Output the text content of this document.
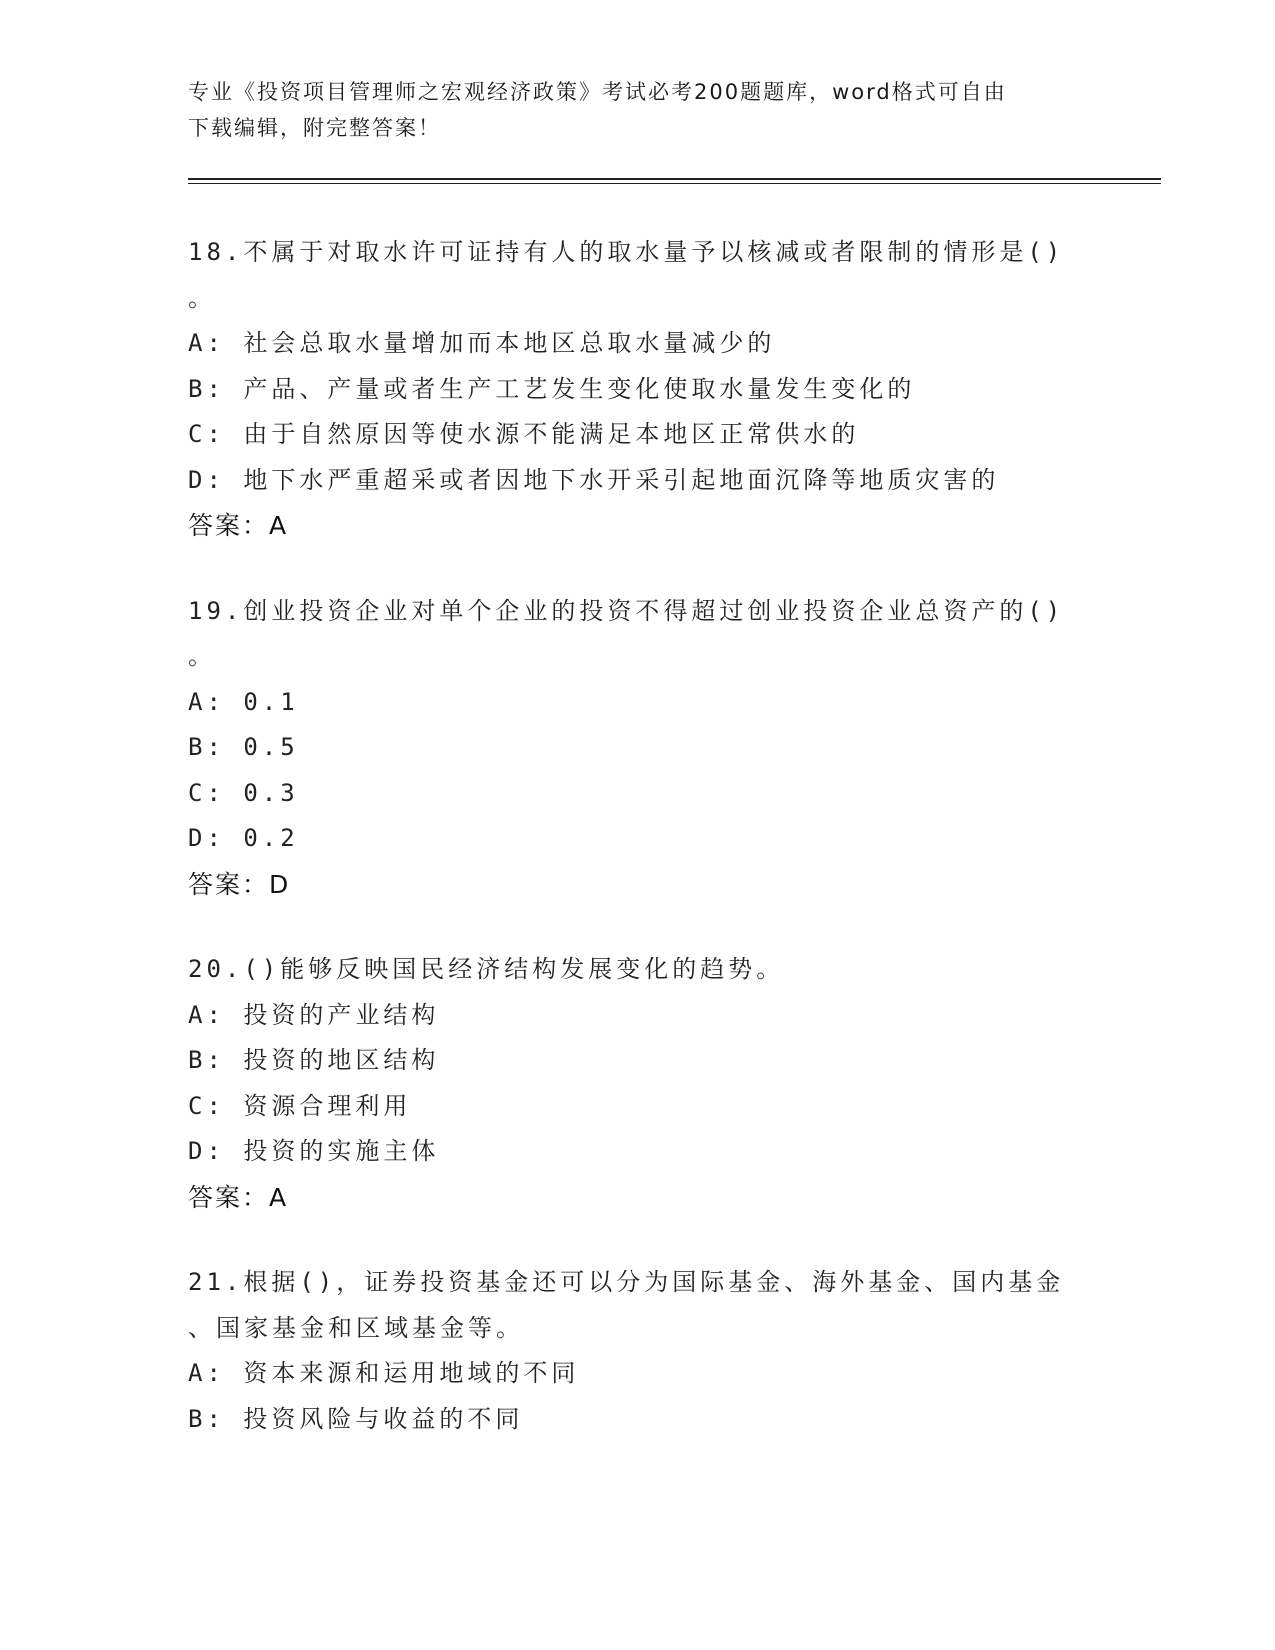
专业《投资项目管理师之宏观经济政策》考试必考200题题库，word格式可自由
下载编辑，附完整答案！
18.不属于对取水许可证持有人的取水量予以核减或者限制的情形是()
。
A: 社会总取水量增加而本地区总取水量减少的
B: 产品、产量或者生产工艺发生变化使取水量发生变化的
C: 由于自然原因等使水源不能满足本地区正常供水的
D: 地下水严重超采或者因地下水开采引起地面沉降等地质灾害的
答案：A
19.创业投资企业对单个企业的投资不得超过创业投资企业总资产的()
。
A: 0.1
B: 0.5
C: 0.3
D: 0.2
答案：D
20.()能够反映国民经济结构发展变化的趋势。
A: 投资的产业结构
B: 投资的地区结构
C: 资源合理利用
D: 投资的实施主体
答案：A
21.根据()，证券投资基金还可以分为国际基金、海外基金、国内基金
、国家基金和区域基金等。
A: 资本来源和运用地域的不同
B: 投资风险与收益的不同
